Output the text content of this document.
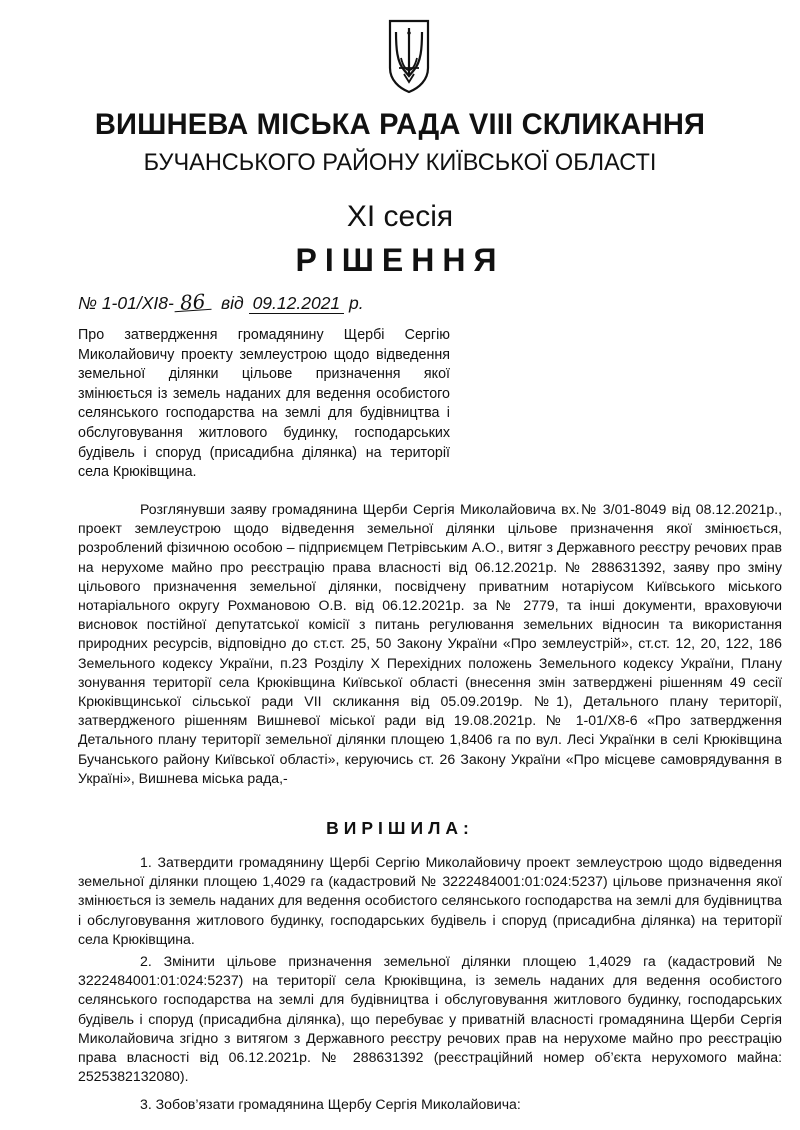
ВИШНЕВА МІСЬКА РАДА VIII СКЛИКАННЯ
БУЧАНСЬКОГО РАЙОНУ КИЇВСЬКОЇ ОБЛАСТІ
XI сесія
РІШЕННЯ
№ 1-01/XI8- 86 від 09.12.2021 р.
Про затвердження громадянину Щербі Сергію Миколайовичу проекту землеустрою щодо відведення земельної ділянки цільове призначення якої змінюється із земель наданих для ведення особистого селянського господарства на землі для будівництва і обслуговування житлового будинку, господарських будівель і споруд (присадибна ділянка) на території села Крюківщина.
Розглянувши заяву громадянина Щерби Сергія Миколайовича вх.№ 3/01-8049 від 08.12.2021р., проект землеустрою щодо відведення земельної ділянки цільове призначення якої змінюється, розроблений фізичною особою – підприємцем Петрівським А.О., витяг з Державного реєстру речових прав на нерухоме майно про реєстрацію права власності від 06.12.2021р. № 288631392, заяву про зміну цільового призначення земельної ділянки, посвідчену приватним нотаріусом Київського міського нотаріального округу Рохмановою О.В. від 06.12.2021р. за № 2779, та інші документи, враховуючи висновок постійної депутатської комісії з питань регулювання земельних відносин та використання природних ресурсів, відповідно до ст.ст. 25, 50 Закону України «Про землеустрій», ст.ст. 12, 20, 122, 186 Земельного кодексу України, п.23 Розділу X Перехідних положень Земельного кодексу України, Плану зонування території села Крюківщина Київської області (внесення змін затверджені рішенням 49 сесії Крюківщинської сільської ради VII скликання від 05.09.2019р. №1), Детального плану території, затвердженого рішенням Вишневої міської ради від 19.08.2021р. № 1-01/X8-6 «Про затвердження Детального плану території земельної ділянки площею 1,8406 га по вул. Лесі Українки в селі Крюківщина Бучанського району Київської області», керуючись ст. 26 Закону України «Про місцеве самоврядування в Україні», Вишнева міська рада,-
ВИРІШИЛА:
1. Затвердити громадянину Щербі Сергію Миколайовичу проект землеустрою щодо відведення земельної ділянки площею 1,4029 га (кадастровий № 3222484001:01:024:5237) цільове призначення якої змінюється із земель наданих для ведення особистого селянського господарства на землі для будівництва і обслуговування житлового будинку, господарських будівель і споруд (присадибна ділянка) на території села Крюківщина.
2. Змінити цільове призначення земельної ділянки площею 1,4029 га (кадастровий № 3222484001:01:024:5237) на території села Крюківщина, із земель наданих для ведення особистого селянського господарства на землі для будівництва і обслуговування житлового будинку, господарських будівель і споруд (присадибна ділянка), що перебуває у приватній власності громадянина Щерби Сергія Миколайовича згідно з витягом з Державного реєстру речових прав на нерухоме майно про реєстрацію права власності від 06.12.2021р. № 288631392 (реєстраційний номер об’єкта нерухомого майна: 2525382132080).
3. Зобов’язати громадянина Щербу Сергія Миколайовича:
